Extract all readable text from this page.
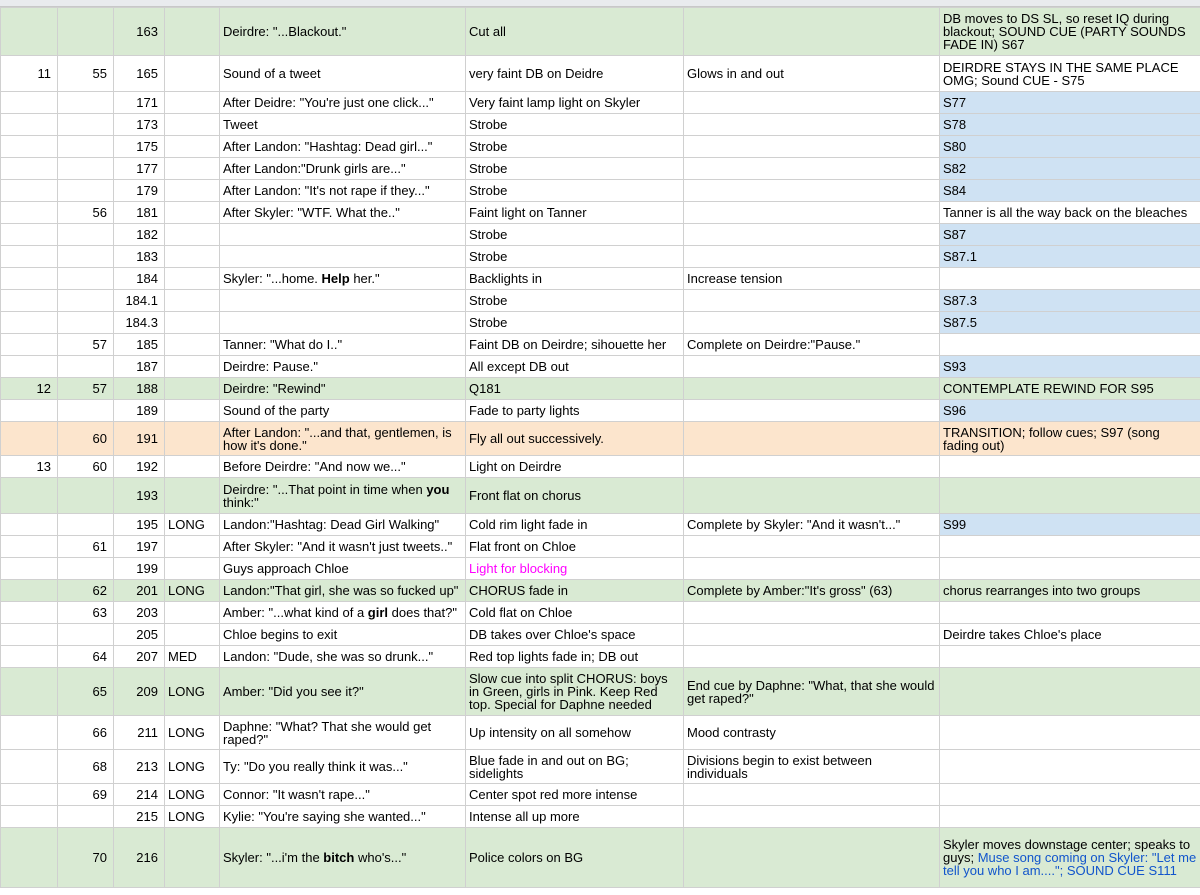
		163		Deirdre: "...Blackout."	Cut all		DB moves to DS SL, so reset IQ during blackout; SOUND CUE (PARTY SOUNDS FADE IN) S67
11	55	165		Sound of a tweet	very faint DB on Deidre	Glows in and out	DEIRDRE STAYS IN THE SAME PLACE OMG; Sound CUE - S75
		171		After Deidre: "You're just one click..."	Very faint lamp light on Skyler		S77
		173		Tweet	Strobe		S78
		175		After Landon: "Hashtag: Dead girl..."	Strobe		S80
		177		After Landon:"Drunk girls are..."	Strobe		S82
		179		After Landon: "It's not rape if they..."	Strobe		S84
	56	181		After Skyler: "WTF. What the.."	Faint light on Tanner		Tanner is all the way back on the bleaches
		182			Strobe		S87
		183			Strobe		S87.1
		184		Skyler: "...home. Help her."	Backlights in	Increase tension	
		184.1			Strobe		S87.3
		184.3			Strobe		S87.5
	57	185		Tanner: "What do I.."	Faint DB on Deirdre; sihouette her	Complete on Deirdre:"Pause."	
		187		Deirdre: Pause."	All except DB out		S93
12	57	188		Deirdre: "Rewind"	Q181		CONTEMPLATE REWIND FOR S95
		189		Sound of the party	Fade to party lights		S96
	60	191		After Landon: "...and that, gentlemen, is how it's done."	Fly all out successively.		TRANSITION; follow cues; S97 (song fading out)
13	60	192		Before Deirdre: "And now we..."	Light on Deirdre		
		193		Deirdre: "...That point in time when you think:"	Front flat on chorus		
		195	LONG	Landon:"Hashtag: Dead Girl Walking"	Cold rim light fade in	Complete by Skyler: "And it wasn't..."	S99
	61	197		After Skyler: "And it wasn't just tweets.."	Flat front on Chloe		
		199		Guys approach Chloe	Light for blocking		
	62	201	LONG	Landon:"That girl, she was so fucked up"	CHORUS fade in	Complete by Amber:"It's gross" (63)	chorus rearranges into two groups
	63	203		Amber: "...what kind of a girl does that?"	Cold flat on Chloe		
		205		Chloe begins to exit	DB takes over Chloe's space		Deirdre takes Chloe's place
	64	207	MED	Landon: "Dude, she was so drunk..."	Red top lights fade in; DB out		
	65	209	LONG	Amber: "Did you see it?"	Slow cue into split CHORUS: boys in Green, girls in Pink. Keep Red top. Special for Daphne needed	End cue by Daphne: "What, that she would get raped?"	
	66	211	LONG	Daphne: "What? That she would get raped?"	Up intensity on all somehow	Mood contrasty	
	68	213	LONG	Ty: "Do you really think it was..."	Blue fade in and out on BG; sidelights	Divisions begin to exist between individuals	
	69	214	LONG	Connor: "It wasn't rape..."	Center spot red more intense		
		215	LONG	Kylie: "You're saying she wanted..."	Intense all up more		
	70	216		Skyler: "...i'm the bitch who's..."	Police colors on BG		Skyler moves downstage center; speaks to guys; Muse song coming on Skyler: "Let me tell you who I am...."; SOUND CUE S111
